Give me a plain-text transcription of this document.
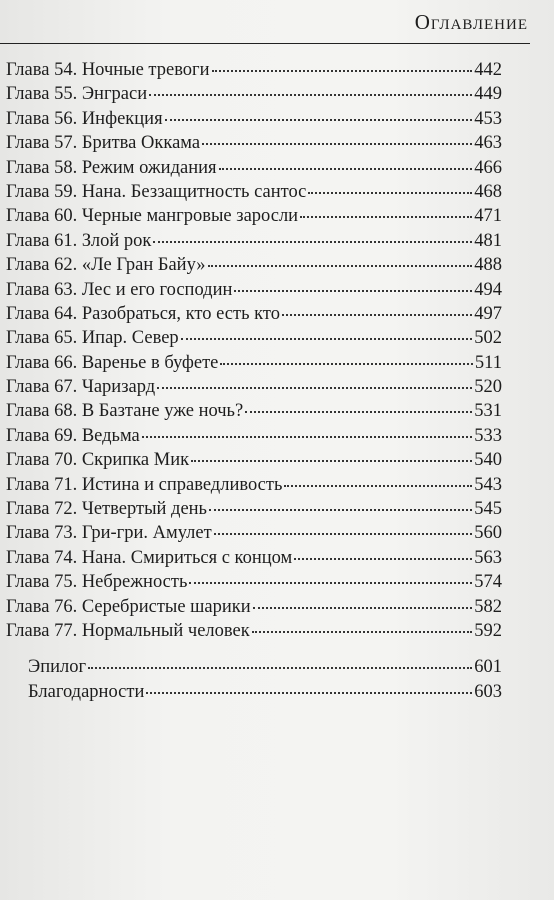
Оглавление
Глава 54. Ночные тревоги	442
Глава 55. Энграси	449
Глава 56. Инфекция	453
Глава 57. Бритва Оккама	463
Глава 58. Режим ожидания	466
Глава 59. Нана. Беззащитность сантос	468
Глава 60. Черные мангровые заросли	471
Глава 61. Злой рок	481
Глава 62. «Ле Гран Байу»	488
Глава 63. Лес и его господин	494
Глава 64. Разобраться, кто есть кто	497
Глава 65. Ипар. Север	502
Глава 66. Варенье в буфете	511
Глава 67. Чаризард	520
Глава 68. В Базтане уже ночь?	531
Глава 69. Ведьма	533
Глава 70. Скрипка Мик	540
Глава 71. Истина и справедливость	543
Глава 72. Четвертый день	545
Глава 73. Гри-гри. Амулет	560
Глава 74. Нана. Смириться с концом	563
Глава 75. Небрежность	574
Глава 76. Серебристые шарики	582
Глава 77. Нормальный человек	592
Эпилог	601
Благодарности	603
